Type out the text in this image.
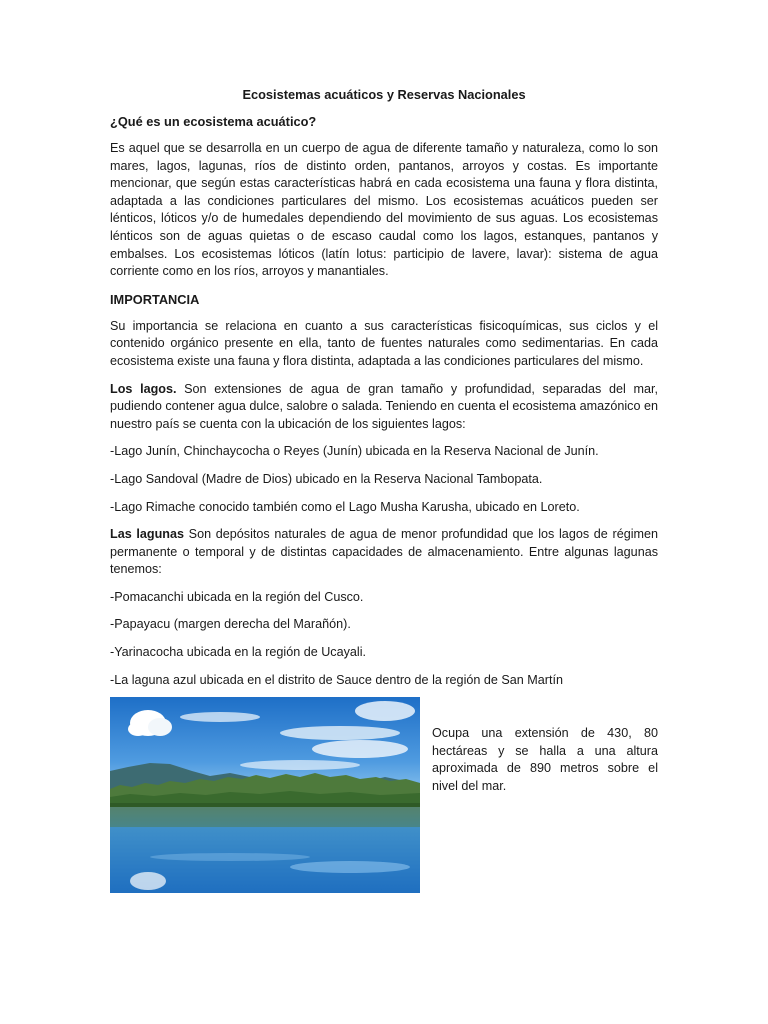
Ecosistemas acuáticos y Reservas Nacionales
¿Qué es un ecosistema acuático?

Es aquel que se desarrolla en un cuerpo de agua de diferente tamaño y naturaleza, como lo son mares, lagos, lagunas, ríos de distinto orden, pantanos, arroyos y costas. Es importante mencionar, que según estas características habrá en cada ecosistema una fauna y flora distinta, adaptada a las condiciones particulares del mismo. Los ecosistemas acuáticos pueden ser lénticos, lóticos y/o de humedales dependiendo del movimiento de sus aguas. Los ecosistemas lénticos son de aguas quietas o de escaso caudal como los lagos, estanques, pantanos y embalses. Los ecosistemas lóticos (latín lotus: participio de lavere, lavar): sistema de agua corriente como en los ríos, arroyos y manantiales.

IMPORTANCIA

Su importancia se relaciona en cuanto a sus características fisicoquímicas, sus ciclos y el contenido orgánico presente en ella, tanto de fuentes naturales como sedimentarias. En cada ecosistema existe una fauna y flora distinta, adaptada a las condiciones particulares del mismo.

Los lagos. Son extensiones de agua de gran tamaño y profundidad, separadas del mar, pudiendo contener agua dulce, salobre o salada. Teniendo en cuenta el ecosistema amazónico en nuestro país se cuenta con la ubicación de los siguientes lagos:

-Lago Junín, Chinchaycocha o Reyes (Junín) ubicada en la Reserva Nacional de Junín.

-Lago Sandoval (Madre de Dios) ubicado en la Reserva Nacional Tambopata.

-Lago Rimache conocido también como el Lago Musha Karusha, ubicado en Loreto.

Las lagunas Son depósitos naturales de agua de menor profundidad que los lagos de régimen permanente o temporal y de distintas capacidades de almacenamiento. Entre algunas lagunas tenemos:

-Pomacanchi ubicada en la región del Cusco.

-Papayacu (margen derecha del Marañón).

-Yarinacocha ubicada en la región de Ucayali.

-La laguna azul ubicada en el distrito de Sauce dentro de la región de San Martín

Ocupa una extensión de 430, 80 hectáreas y se halla a una altura aproximada de 890 metros sobre el nivel del mar.
